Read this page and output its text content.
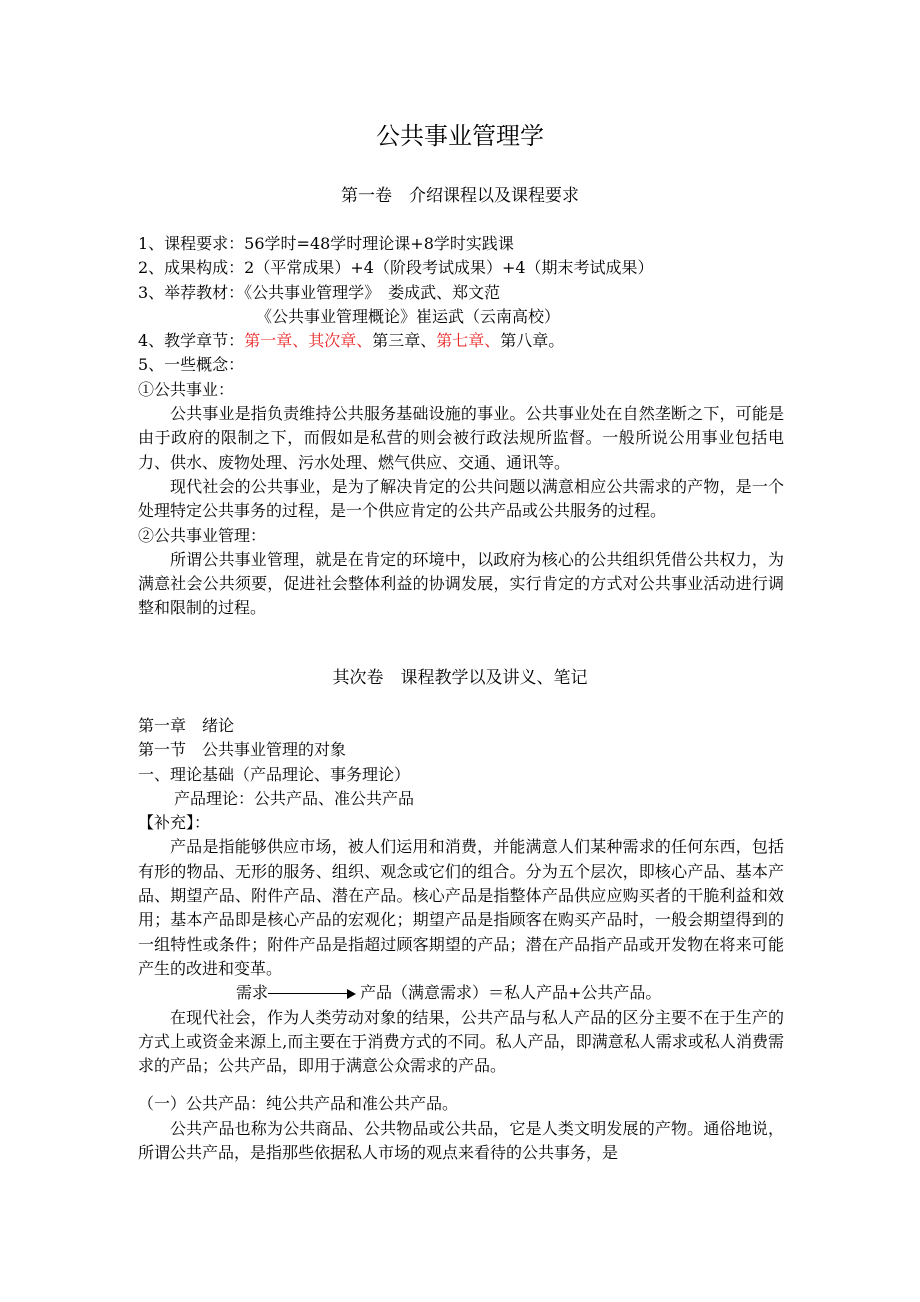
公共事业管理学
第一卷　介绍课程以及课程要求
1、课程要求：56学时=48学时理论课+8学时实践课
2、成果构成：2（平常成果）+4（阶段考试成果）+4（期末考试成果）
3、举荐教材：《公共事业管理学》　娄成武、郑文范
《公共事业管理概论》崔运武（云南高校）
4、教学章节：第一章、其次章、第三章、第七章、第八章。
5、一些概念：
①公共事业：
公共事业是指负责维持公共服务基础设施的事业。公共事业处在自然垄断之下，可能是由于政府的限制之下，而假如是私营的则会被行政法规所监督。一般所说公用事业包括电力、供水、废物处理、污水处理、燃气供应、交通、通讯等。
现代社会的公共事业，是为了解决肯定的公共问题以满意相应公共需求的产物，是一个处理特定公共事务的过程，是一个供应肯定的公共产品或公共服务的过程。
②公共事业管理：
所谓公共事业管理，就是在肯定的环境中，以政府为核心的公共组织凭借公共权力，为满意社会公共须要，促进社会整体利益的协调发展，实行肯定的方式对公共事业活动进行调整和限制的过程。
其次卷　课程教学以及讲义、笔记
第一章　绪论
第一节　公共事业管理的对象
一、理论基础（产品理论、事务理论）
产品理论：公共产品、准公共产品
【补充】：
产品是指能够供应市场，被人们运用和消费，并能满意人们某种需求的任何东西，包括有形的物品、无形的服务、组织、观念或它们的组合。分为五个层次，即核心产品、基本产品、期望产品、附件产品、潜在产品。核心产品是指整体产品供应应购买者的干脆利益和效用；基本产品即是核心产品的宏观化；期望产品是指顾客在购买产品时，一般会期望得到的一组特性或条件；附件产品是指超过顾客期望的产品；潜在产品指产品或开发物在将来可能产生的改进和变革。
需求	产品（满意需求）＝私人产品+公共产品。
在现代社会，作为人类劳动对象的结果，公共产品与私人产品的区分主要不在于生产的方式上或资金来源上,而主要在于消费方式的不同。私人产品，即满意私人需求或私人消费需求的产品；公共产品，即用于满意公众需求的产品。
（一）公共产品：纯公共产品和准公共产品。
公共产品也称为公共商品、公共物品或公共品，它是人类文明发展的产物。通俗地说，所谓公共产品，是指那些依据私人市场的观点来看待的公共事务，是
